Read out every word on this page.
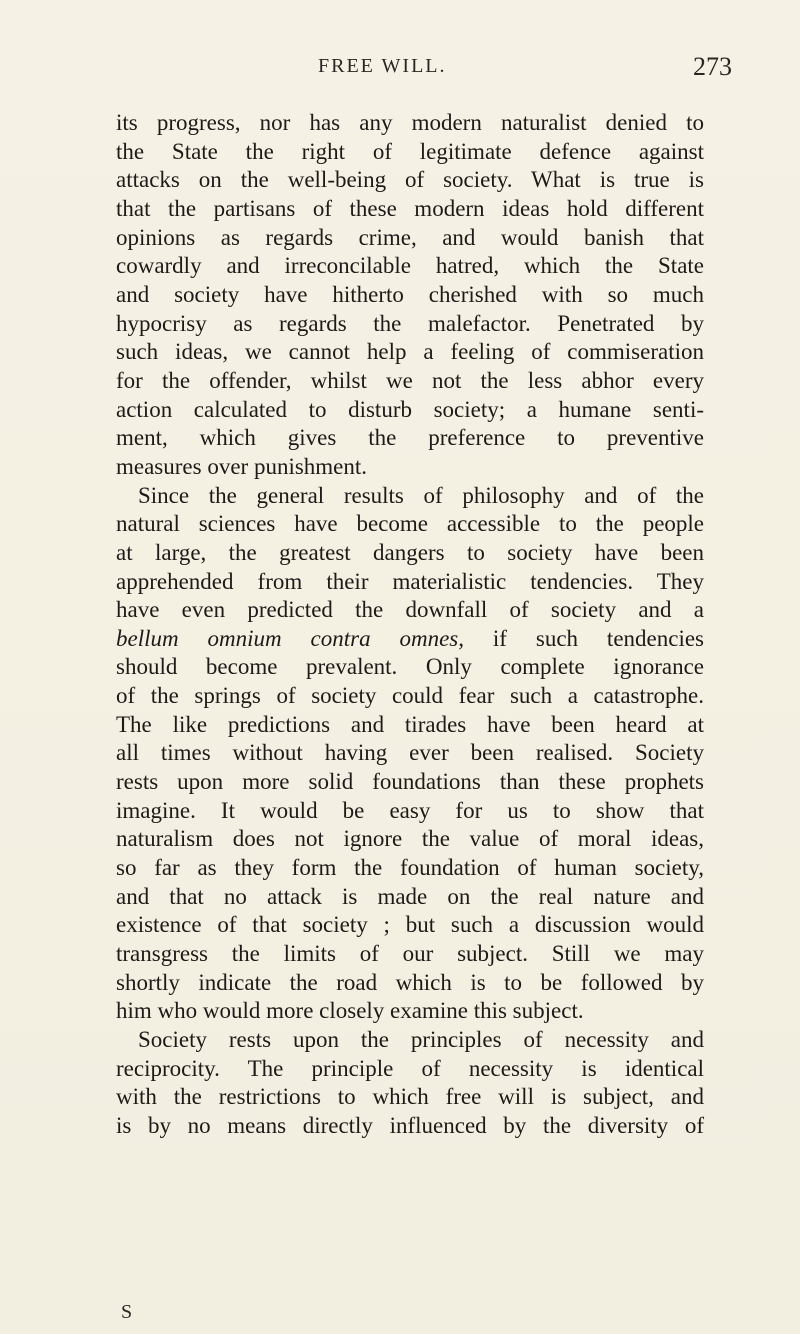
FREE WILL.	273
its progress, nor has any modern naturalist denied to
the State the right of legitimate defence against
attacks on the well-being of society. What is true is
that the partisans of these modern ideas hold different
opinions as regards crime, and would banish that
cowardly and irreconcilable hatred, which the State
and society have hitherto cherished with so much
hypocrisy as regards the malefactor. Penetrated by
such ideas, we cannot help a feeling of commiseration
for the offender, whilst we not the less abhor every
action calculated to disturb society; a humane senti-
ment, which gives the preference to preventive
measures over punishment.
Since the general results of philosophy and of the
natural sciences have become accessible to the people
at large, the greatest dangers to society have been
apprehended from their materialistic tendencies. They
have even predicted the downfall of society and a
bellum omnium contra omnes, if such tendencies
should become prevalent. Only complete ignorance
of the springs of society could fear such a catastrophe.
The like predictions and tirades have been heard at
all times without having ever been realised. Society
rests upon more solid foundations than these prophets
imagine. It would be easy for us to show that
naturalism does not ignore the value of moral ideas,
so far as they form the foundation of human society,
and that no attack is made on the real nature and
existence of that society ; but such a discussion would
transgress the limits of our subject. Still we may
shortly indicate the road which is to be followed by
him who would more closely examine this subject.
Society rests upon the principles of necessity and
reciprocity. The principle of necessity is identical
with the restrictions to which free will is subject, and
is by no means directly influenced by the diversity of
S
